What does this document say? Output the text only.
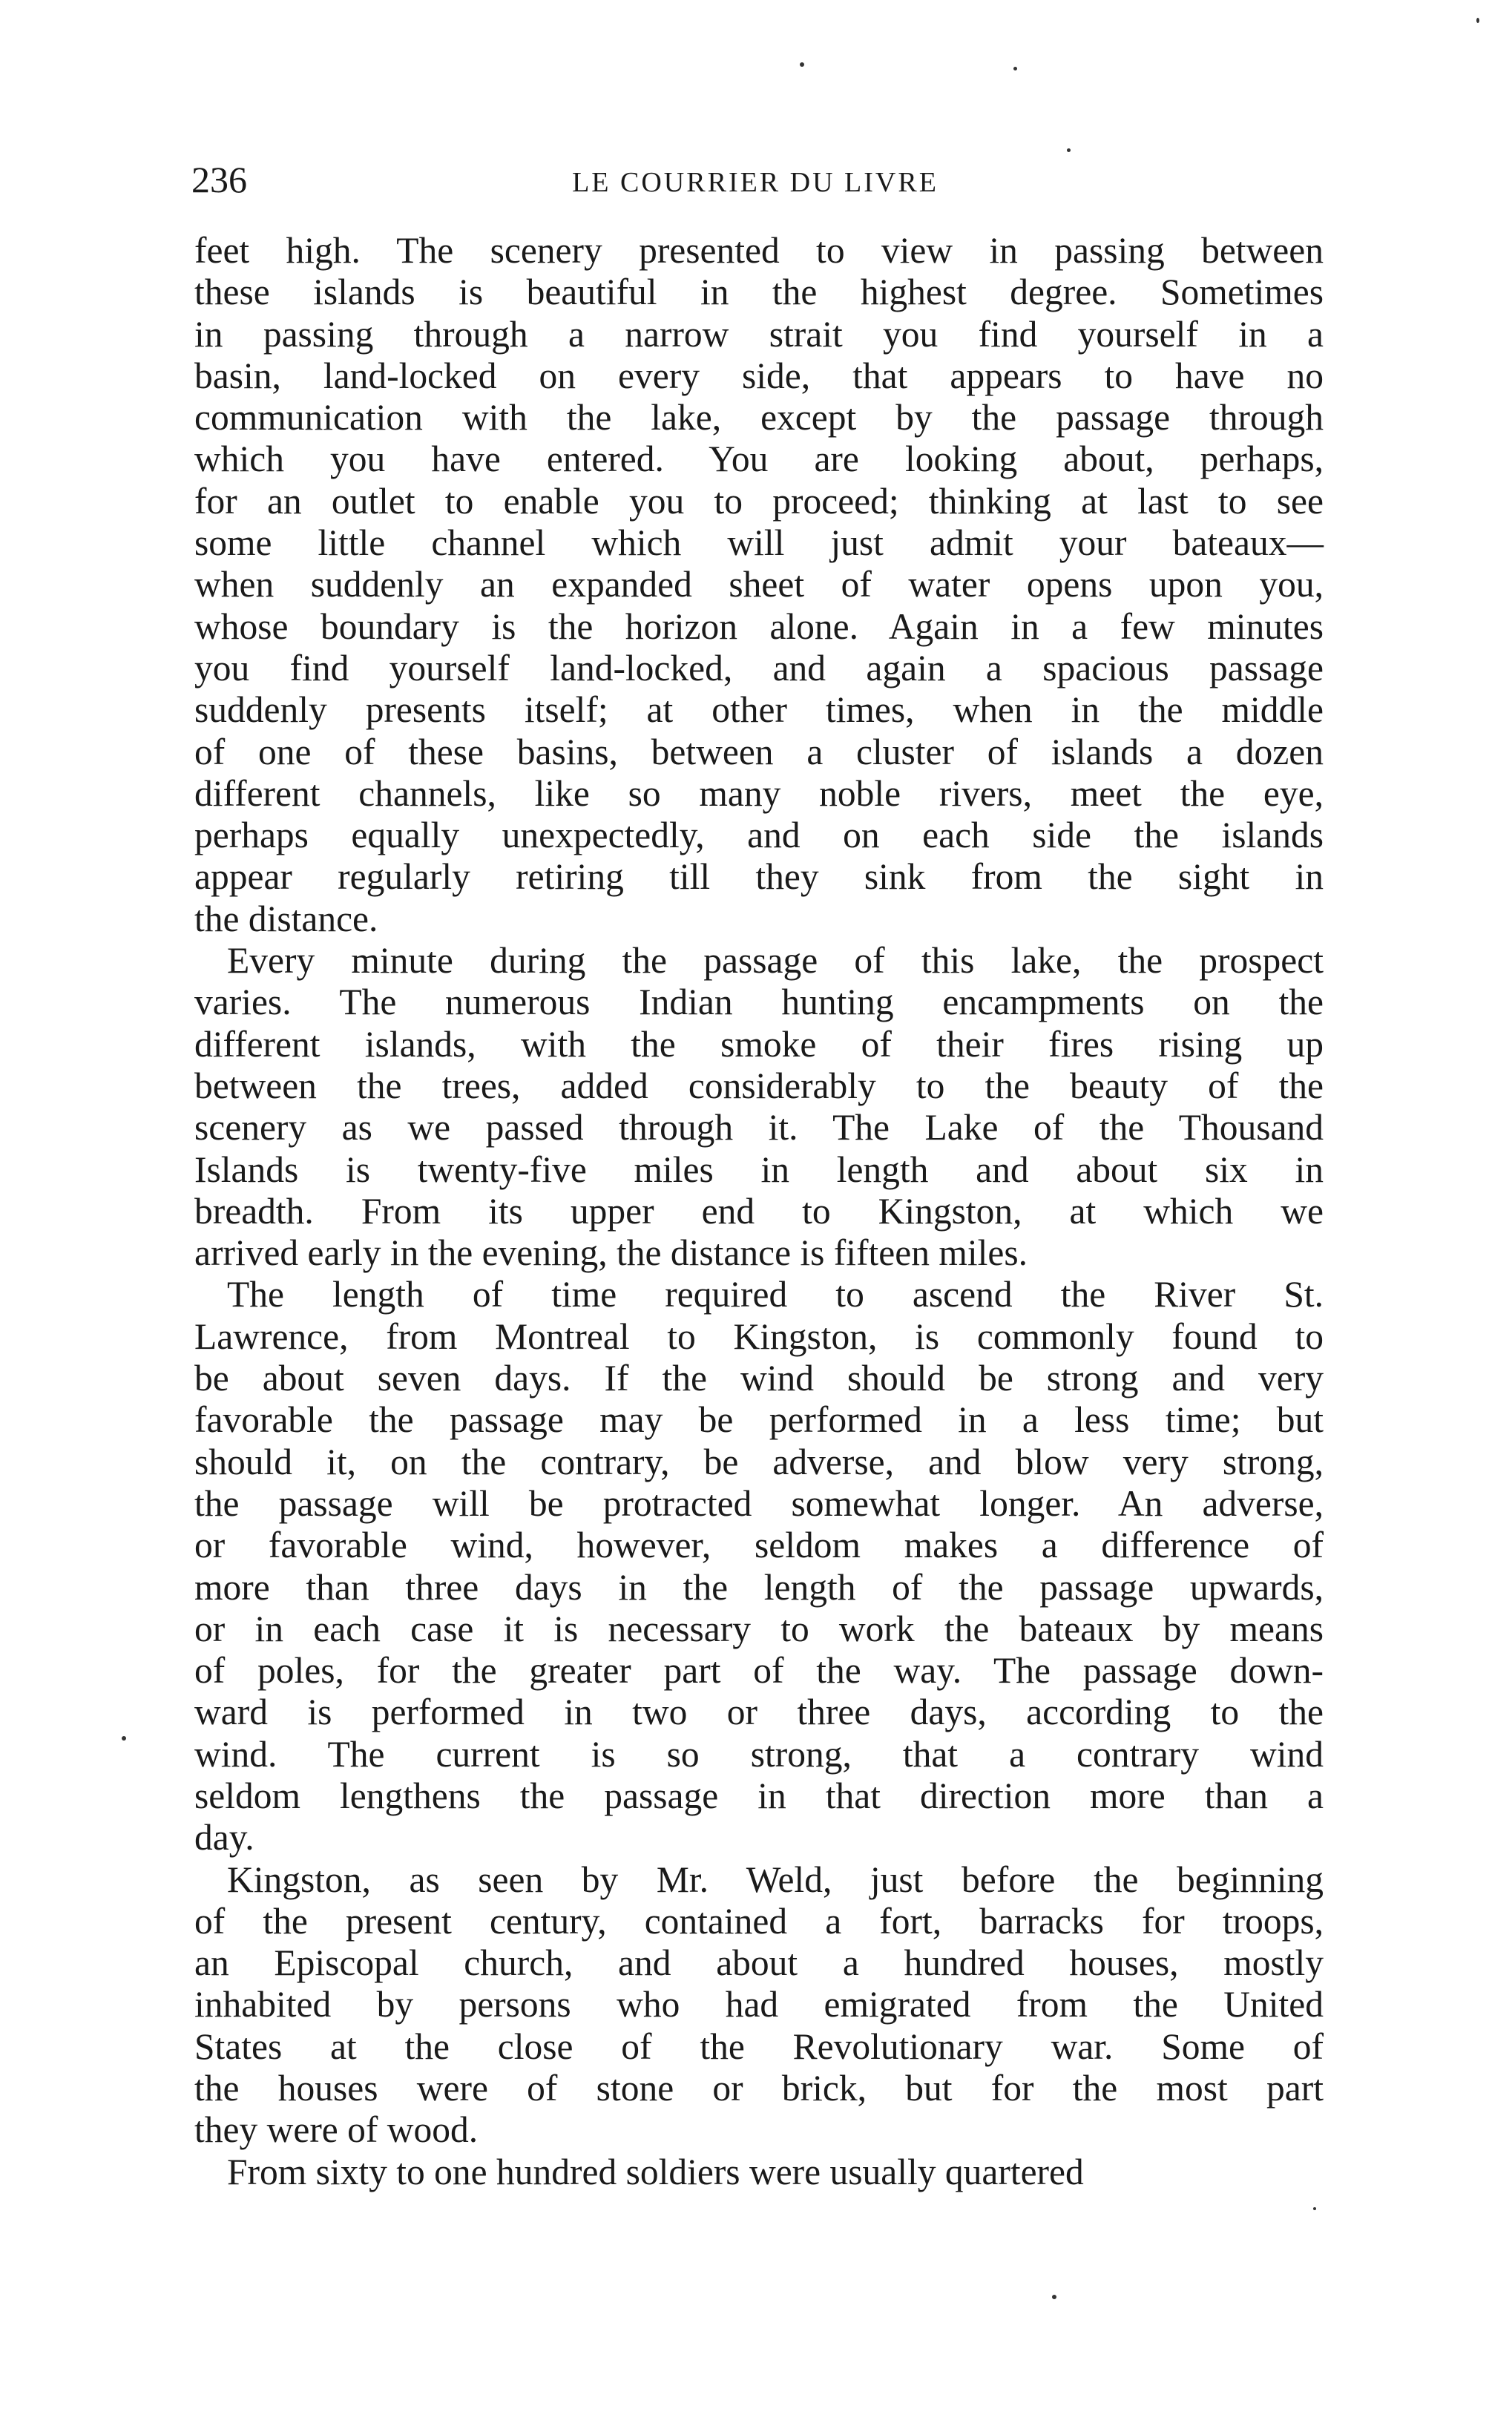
236	LE COURRIER DU LIVRE

feet high. The scenery presented to view in passing between
these islands is beautiful in the highest degree. Sometimes
in passing through a narrow strait you find yourself in a
basin, land-locked on every side, that appears to have no
communication with the lake, except by the passage through
which you have entered. You are looking about, perhaps,
for an outlet to enable you to proceed; thinking at last to see
some little channel which will just admit your bateaux—
when suddenly an expanded sheet of water opens upon you,
whose boundary is the horizon alone. Again in a few minutes
you find yourself land-locked, and again a spacious passage
suddenly presents itself; at other times, when in the middle
of one of these basins, between a cluster of islands a dozen
different channels, like so many noble rivers, meet the eye,
perhaps equally unexpectedly, and on each side the islands
appear regularly retiring till they sink from the sight in
the distance.

Every minute during the passage of this lake, the prospect
varies. The numerous Indian hunting encampments on the
different islands, with the smoke of their fires rising up
between the trees, added considerably to the beauty of the
scenery as we passed through it. The Lake of the Thousand
Islands is twenty-five miles in length and about six in
breadth. From its upper end to Kingston, at which we
arrived early in the evening, the distance is fifteen miles.

The length of time required to ascend the River St.
Lawrence, from Montreal to Kingston, is commonly found to
be about seven days. If the wind should be strong and very
favorable the passage may be performed in a less time; but
should it, on the contrary, be adverse, and blow very strong,
the passage will be protracted somewhat longer. An adverse,
or favorable wind, however, seldom makes a difference of
more than three days in the length of the passage upwards,
or in each case it is necessary to work the bateaux by means
of poles, for the greater part of the way. The passage down-
ward is performed in two or three days, according to the
wind. The current is so strong, that a contrary wind
seldom lengthens the passage in that direction more than a
day.

Kingston, as seen by Mr. Weld, just before the beginning
of the present century, contained a fort, barracks for troops,
an Episcopal church, and about a hundred houses, mostly
inhabited by persons who had emigrated from the United
States at the close of the Revolutionary war. Some of
the houses were of stone or brick, but for the most part
they were of wood.

From sixty to one hundred soldiers were usually quartered
